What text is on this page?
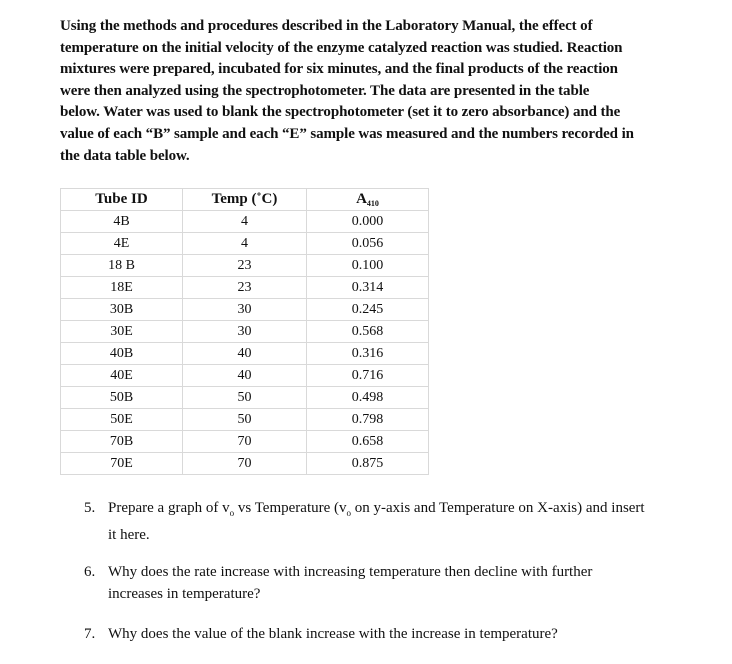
Using the methods and procedures described in the Laboratory Manual, the effect of
temperature on the initial velocity of the enzyme catalyzed reaction was studied. Reaction
mixtures were prepared, incubated for six minutes, and the final products of the reaction
were then analyzed using the spectrophotometer. The data are presented in the table
below. Water was used to blank the spectrophotometer (set it to zero absorbance) and the
value of each “B” sample and each “E” sample was measured and the numbers recorded in
the data table below.
Tube ID	Temp (˚C)	$A_{410}$
4B	4	0.000
4E	4	0.056
18 B	23	0.100
18E	23	0.314
30B	30	0.245
30E	30	0.568
40B	40	0.316
40E	40	0.716
50B	50	0.498
50E	50	0.798
70B	70	0.658
70E	70	0.875
5. Prepare a graph of $v_o$ vs Temperature ($v_o$ on y-axis and Temperature on X-axis) and insert
it here.
6. Why does the rate increase with increasing temperature then decline with further
increases in temperature?
7. Why does the value of the blank increase with the increase in temperature?
